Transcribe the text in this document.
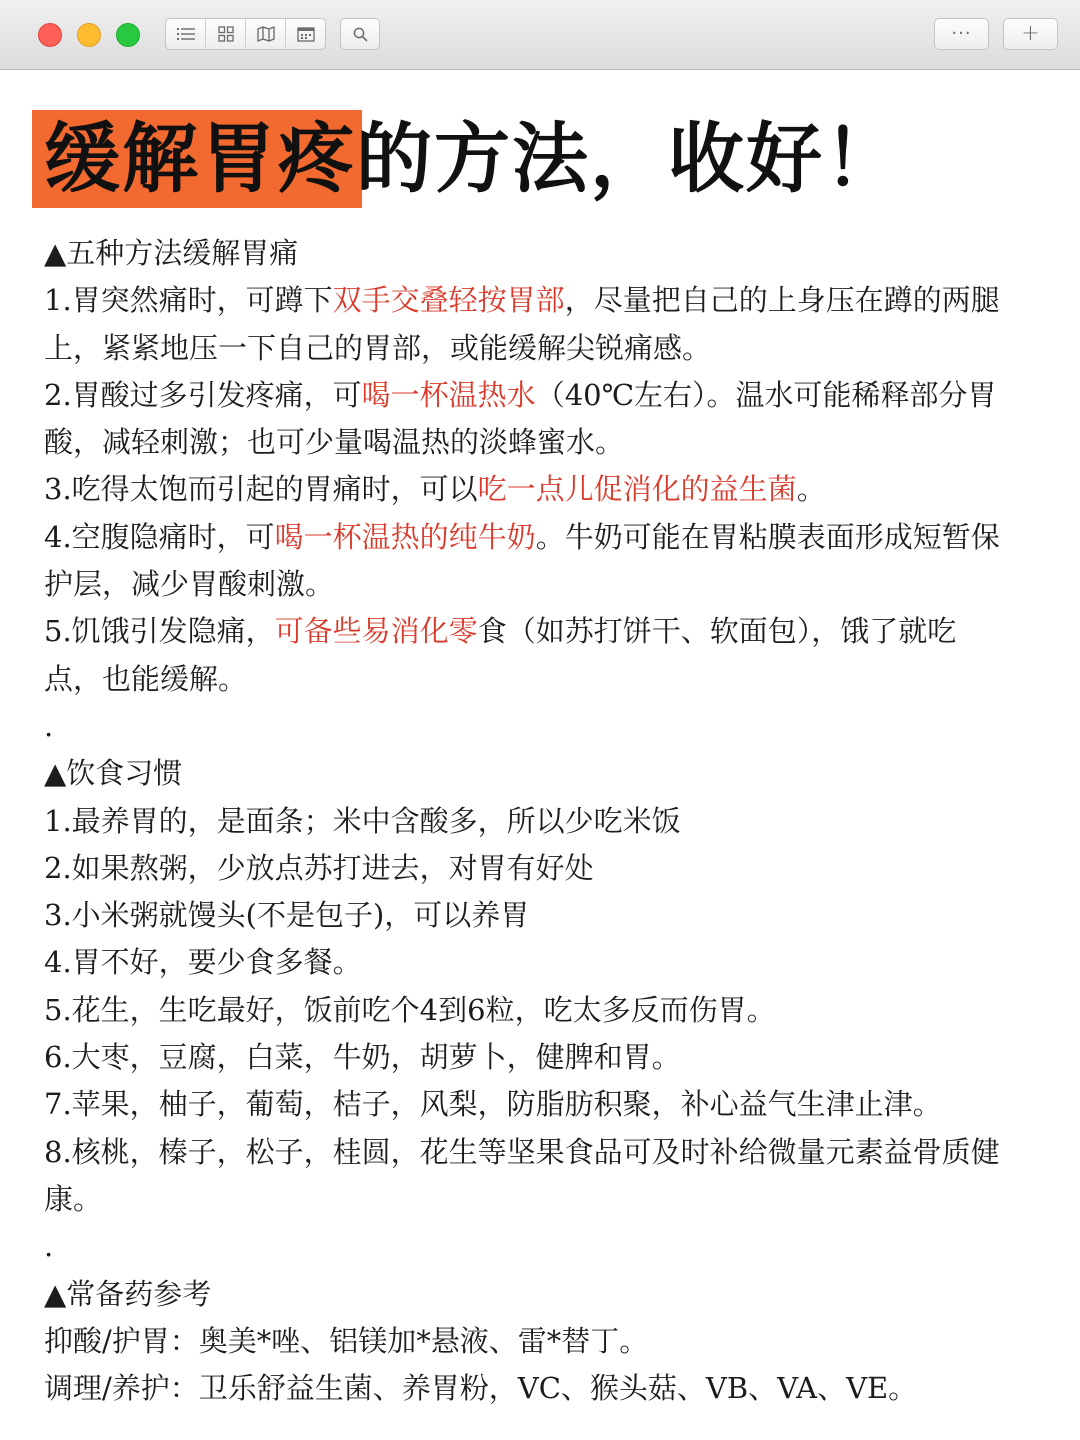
··· +
缓解胃疼的方法，收好！
▲五种方法缓解胃痛
1.胃突然痛时，可蹲下双手交叠轻按胃部，尽量把自己的上身压在蹲的两腿
上，紧紧地压一下自己的胃部，或能缓解尖锐痛感。
2.胃酸过多引发疼痛，可喝一杯温热水（40℃左右）。温水可能稀释部分胃
酸，减轻刺激；也可少量喝温热的淡蜂蜜水。
3.吃得太饱而引起的胃痛时，可以吃一点儿促消化的益生菌。
4.空腹隐痛时，可喝一杯温热的纯牛奶。牛奶可能在胃粘膜表面形成短暂保
护层，减少胃酸刺激。
5.饥饿引发隐痛，可备些易消化零食（如苏打饼干、软面包），饿了就吃
点，也能缓解。
.
▲饮食习惯
1.最养胃的，是面条；米中含酸多，所以少吃米饭
2.如果熬粥，少放点苏打进去，对胃有好处
3.小米粥就馒头(不是包子)，可以养胃
4.胃不好，要少食多餐。
5.花生，生吃最好，饭前吃个4到6粒，吃太多反而伤胃。
6.大枣，豆腐，白菜，牛奶，胡萝卜，健脾和胃。
7.苹果，柚子，葡萄，桔子，风梨，防脂肪积聚，补心益气生津止津。
8.核桃，榛子，松子，桂圆，花生等坚果食品可及时补给微量元素益骨质健
康。
.
▲常备药参考
抑酸/护胃：奥美*唑、铝镁加*悬液、雷*替丁。
调理/养护：卫乐舒益生菌、养胃粉，VC、猴头菇、VB、VA、VE。
